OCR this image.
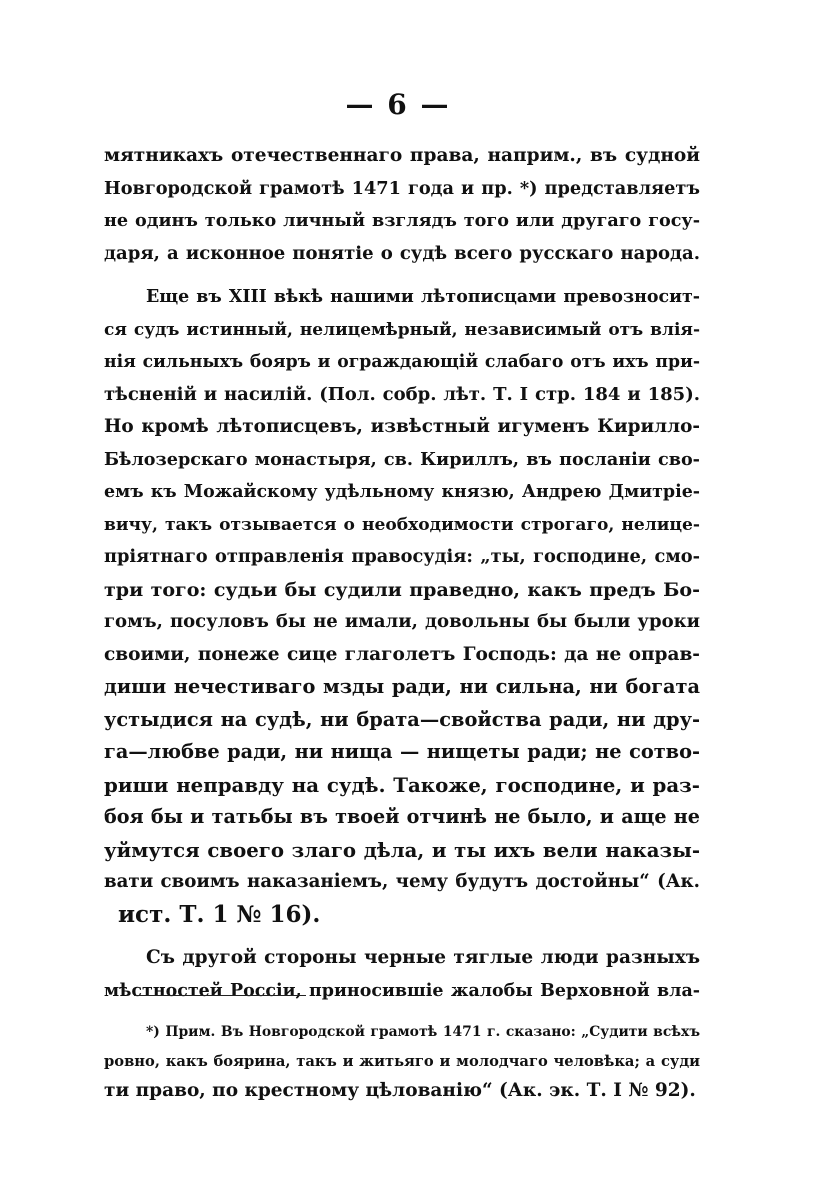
— 6 —
мятникахъ отечественнаго права, наприм., въ судной
Новгородской грамотѣ 1471 года и пр. *) представляетъ
не одинъ только личный взглядъ того или другаго госу-
даря, а исконное понятіе о судѣ всего русскаго народа.
Еще въ XIII вѣкѣ нашими лѣтописцами превозносит-
ся судъ истинный, нелицемѣрный, независимый отъ влія-
нія сильныхъ бояръ и ограждающій слабаго отъ ихъ при-
тѣсненій и насилій. (Пол. собр. лѣт. Т. I стр. 184 и 185).
Но кромѣ лѣтописцевъ, извѣстный игуменъ Кирилло-
Бѣлозерскаго монастыря, св. Кириллъ, въ посланіи сво-
емъ къ Можайскому удѣльному князю, Андрею Дмитріе-
вичу, такъ отзывается о необходимости строгаго, нелице-
пріятнаго отправленія правосудія: „ты, господине, смо-
три того: судьи бы судили праведно, какъ предъ Бо-
гомъ, посуловъ бы не имали, довольны бы были уроки
своими, понеже сице глаголетъ Господь: да не оправ-
диши нечестиваго мзды ради, ни сильна, ни богата
устыдися на судѣ, ни брата—свойства ради, ни дру-
га—любве ради, ни нища — нищеты ради; не сотво-
риши неправду на судѣ. Такоже, господине, и раз-
боя бы и татьбы въ твоей отчинѣ не было, и аще не
уймутся своего злаго дѣла, и ты ихъ вели наказы-
вати своимъ наказаніемъ, чему будутъ достойны“ (Ак.
ист. Т. 1 № 16).
Съ другой стороны черные тяглые люди разныхъ
мѣстностей Россіи, приносившіе жалобы Верховной вла-
*) Прим. Въ Новгородской грамотѣ 1471 г. сказано: „Судити всѣхъ
ровно, какъ боярина, такъ и житьяго и молодчаго человѣка; а суди
ти право, по крестному цѣлованію“ (Ак. эк. Т. I № 92).
